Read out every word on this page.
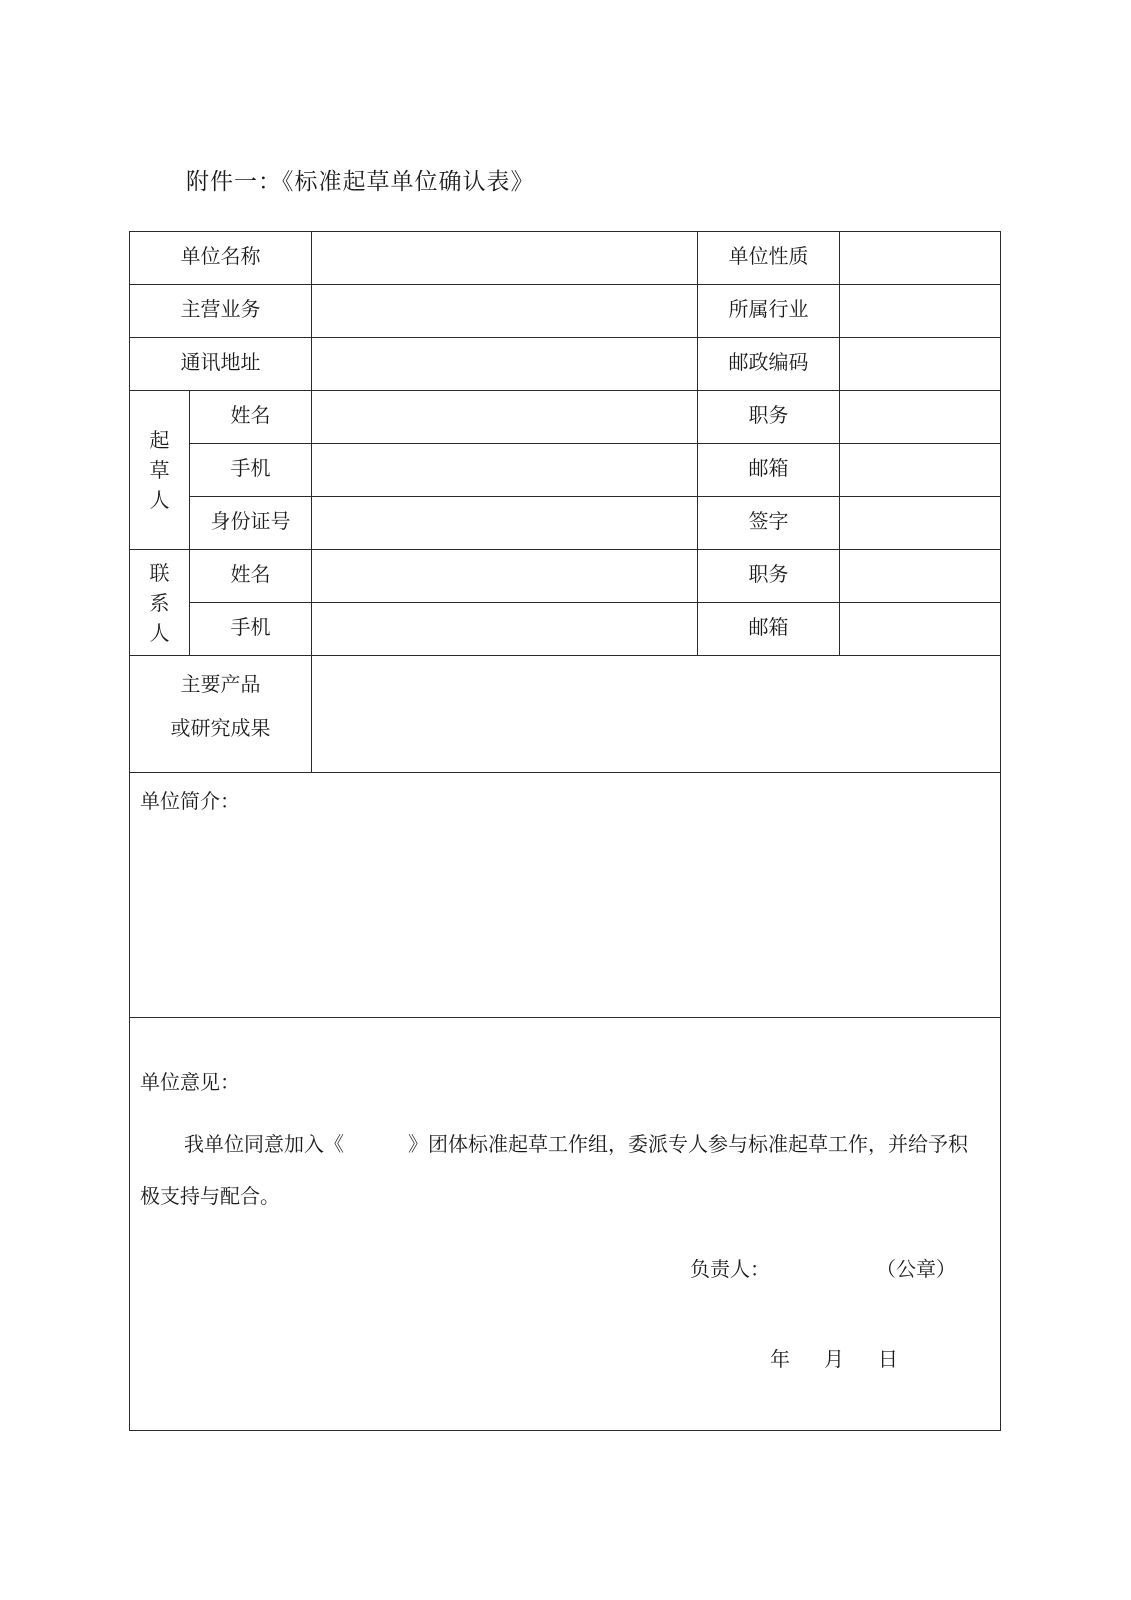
附件一：《标准起草单位确认表》
单位名称			单位性质	
主营业务			所属行业	
通讯地址			邮政编码	
起草人	姓名		职务	
	手机		邮箱	
	身份证号		签字	
联系人	姓名		职务	
	手机		邮箱	

主要产品
或研究成果				

单位简介：				

单位意见：
我单位同意加入《 》团体标准起草工作组，委派专人参与标准起草工作，并给予积极支持与配合。
负责人： （公章）
年 月 日				
